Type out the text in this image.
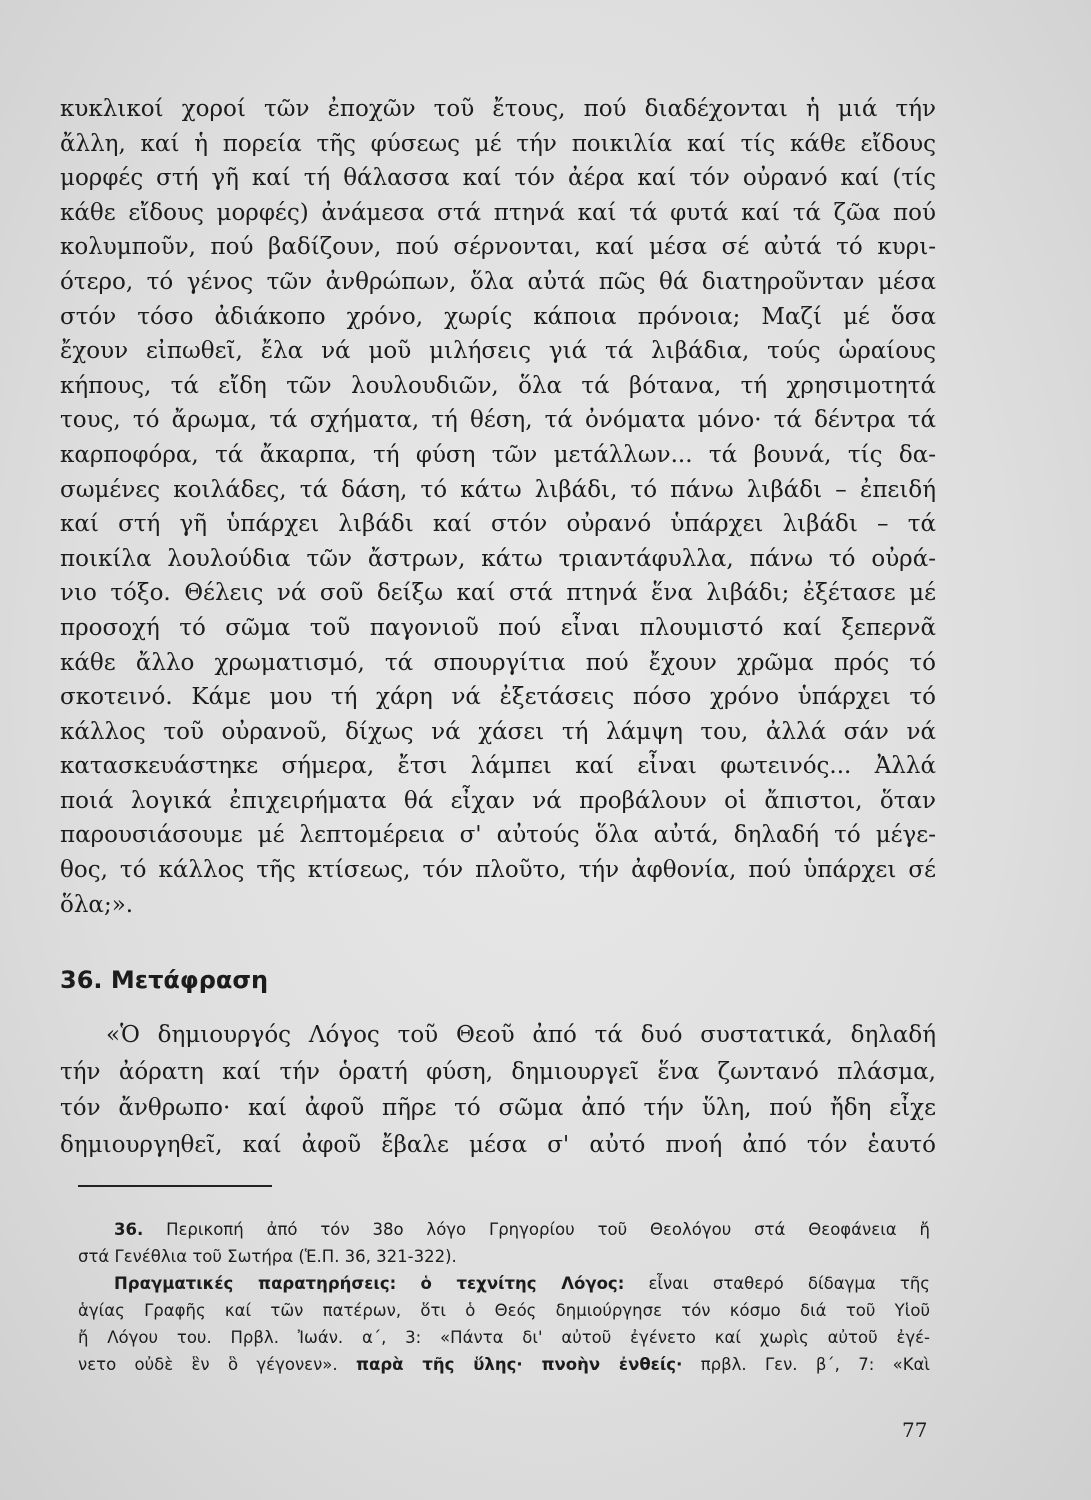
κυκλικοί χοροί τῶν ἐποχῶν τοῦ ἔτους, πού διαδέχονται ἡ μιά τήν
ἄλλη, καί ἡ πορεία τῆς φύσεως μέ τήν ποικιλία καί τίς κάθε εἴδους
μορφές στή γῆ καί τή θάλασσα καί τόν ἀέρα καί τόν οὐρανό καί (τίς
κάθε εἴδους μορφές) ἀνάμεσα στά πτηνά καί τά φυτά καί τά ζῶα πού
κολυμποῦν, πού βαδίζουν, πού σέρνονται, καί μέσα σέ αὐτά τό κυρι-
ότερο, τό γένος τῶν ἀνθρώπων, ὅλα αὐτά πῶς θά διατηροῦνταν μέσα
στόν τόσο ἀδιάκοπο χρόνο, χωρίς κάποια πρόνοια; Μαζί μέ ὅσα
ἔχουν εἰπωθεῖ, ἔλα νά μοῦ μιλήσεις γιά τά λιβάδια, τούς ὡραίους
κήπους, τά εἴδη τῶν λουλουδιῶν, ὅλα τά βότανα, τή χρησιμοτητά
τους, τό ἄρωμα, τά σχήματα, τή θέση, τά ὀνόματα μόνο· τά δέντρα τά
καρποφόρα, τά ἄκαρπα, τή φύση τῶν μετάλλων... τά βουνά, τίς δα-
σωμένες κοιλάδες, τά δάση, τό κάτω λιβάδι, τό πάνω λιβάδι – ἐπειδή
καί στή γῆ ὑπάρχει λιβάδι καί στόν οὐρανό ὑπάρχει λιβάδι – τά
ποικίλα λουλούδια τῶν ἄστρων, κάτω τριαντάφυλλα, πάνω τό οὐρά-
νιο τόξο. Θέλεις νά σοῦ δείξω καί στά πτηνά ἕνα λιβάδι; ἐξέτασε μέ
προσοχή τό σῶμα τοῦ παγονιοῦ πού εἶναι πλουμιστό καί ξεπερνᾶ
κάθε ἄλλο χρωματισμό, τά σπουργίτια πού ἔχουν χρῶμα πρός τό
σκοτεινό. Κάμε μου τή χάρη νά ἐξετάσεις πόσο χρόνο ὑπάρχει τό
κάλλος τοῦ οὐρανοῦ, δίχως νά χάσει τή λάμψη του, ἀλλά σάν νά
κατασκευάστηκε σήμερα, ἔτσι λάμπει καί εἶναι φωτεινός... Ἀλλά
ποιά λογικά ἐπιχειρήματα θά εἶχαν νά προβάλουν οἱ ἄπιστοι, ὅταν
παρουσιάσουμε μέ λεπτομέρεια σ' αὐτούς ὅλα αὐτά, δηλαδή τό μέγε-
θος, τό κάλλος τῆς κτίσεως, τόν πλοῦτο, τήν ἀφθονία, πού ὑπάρχει σέ
ὅλα;».
36. Μετάφραση
«Ὁ δημιουργός Λόγος τοῦ Θεοῦ ἀπό τά δυό συστατικά, δηλαδή
τήν ἀόρατη καί τήν ὁρατή φύση, δημιουργεῖ ἕνα ζωντανό πλάσμα,
τόν ἄνθρωπο· καί ἀφοῦ πῆρε τό σῶμα ἀπό τήν ὕλη, πού ἤδη εἶχε
δημιουργηθεῖ, καί ἀφοῦ ἔβαλε μέσα σ' αὐτό πνοή ἀπό τόν ἑαυτό
36. Περικοπή ἀπό τόν 38ο λόγο Γρηγορίου τοῦ Θεολόγου στά Θεοφάνεια ἤ
στά Γενέθλια τοῦ Σωτήρα (Ἑ.Π. 36, 321-322).
Πραγματικές παρατηρήσεις: ὁ τεχνίτης Λόγος: εἶναι σταθερό δίδαγμα τῆς
ἁγίας Γραφῆς καί τῶν πατέρων, ὅτι ὁ Θεός δημιούργησε τόν κόσμο διά τοῦ Υἱοῦ
ἤ Λόγου του. Πρβλ. Ἰωάν. α΄, 3: «Πάντα δι' αὐτοῦ ἐγένετο καί χωρὶς αὐτοῦ ἐγέ-
νετο οὐδὲ ἓν ὃ γέγονεν». παρὰ τῆς ὕλης· πνοὴν ἐνθείς· πρβλ. Γεν. β΄, 7: «Καὶ
77
